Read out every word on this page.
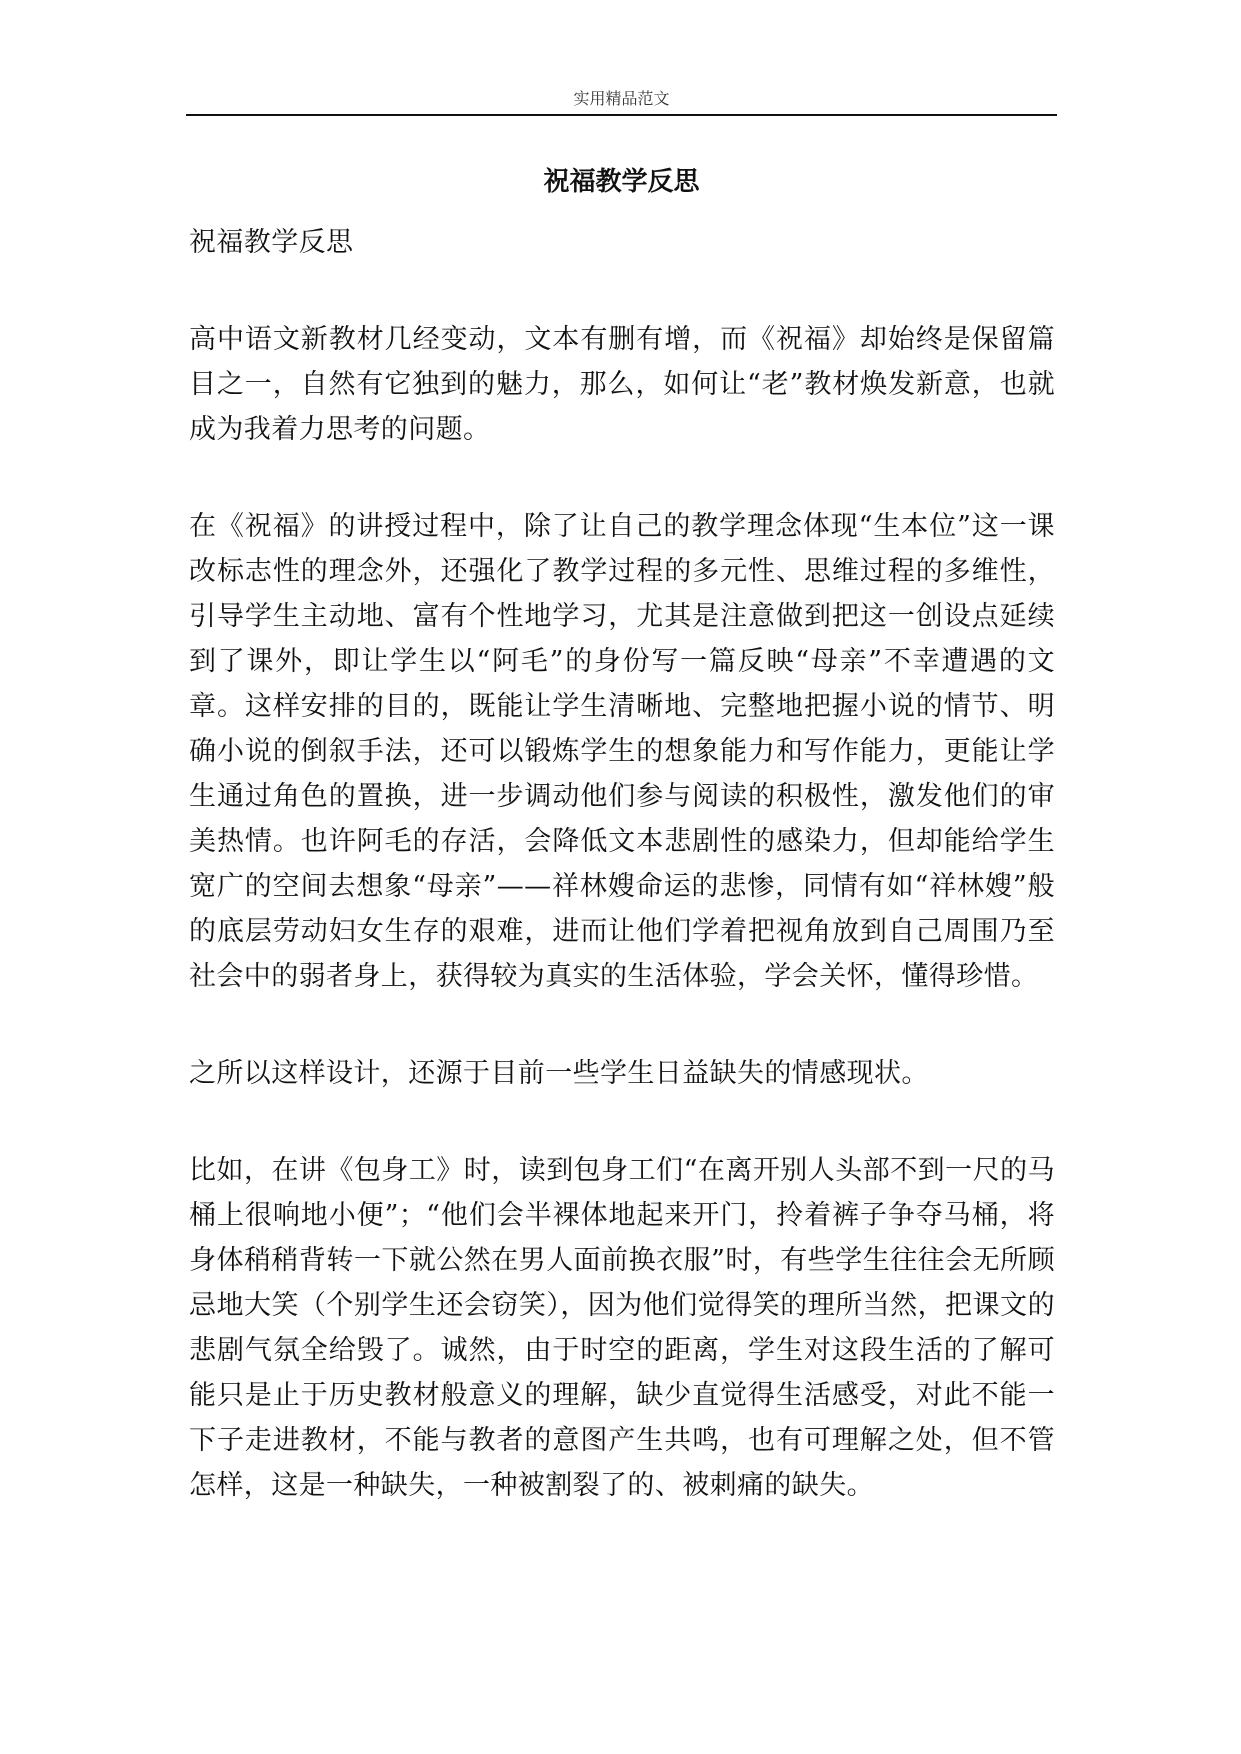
实用精品范文
祝福教学反思

祝福教学反思

高中语文新教材几经变动，文本有删有增，而《祝福》却始终是保留篇目之一，自然有它独到的魅力，那么，如何让“老”教材焕发新意，也就成为我着力思考的问题。

在《祝福》的讲授过程中，除了让自己的教学理念体现“生本位”这一课改标志性的理念外，还强化了教学过程的多元性、思维过程的多维性，引导学生主动地、富有个性地学习，尤其是注意做到把这一创设点延续到了课外，即让学生以“阿毛”的身份写一篇反映“母亲”不幸遭遇的文章。这样安排的目的，既能让学生清晰地、完整地把握小说的情节、明确小说的倒叙手法，还可以锻炼学生的想象能力和写作能力，更能让学生通过角色的置换，进一步调动他们参与阅读的积极性，激发他们的审美热情。也许阿毛的存活，会降低文本悲剧性的感染力，但却能给学生宽广的空间去想象“母亲”——祥林嫂命运的悲惨，同情有如“祥林嫂”般的底层劳动妇女生存的艰难，进而让他们学着把视角放到自己周围乃至社会中的弱者身上，获得较为真实的生活体验，学会关怀，懂得珍惜。

之所以这样设计，还源于目前一些学生日益缺失的情感现状。

比如，在讲《包身工》时，读到包身工们“在离开别人头部不到一尺的马桶上很响地小便”；“他们会半裸体地起来开门，拎着裤子争夺马桶，将身体稍稍背转一下就公然在男人面前换衣服”时，有些学生往往会无所顾忌地大笑（个别学生还会窃笑），因为他们觉得笑的理所当然，把课文的悲剧气氛全给毁了。诚然，由于时空的距离，学生对这段生活的了解可能只是止于历史教材般意义的理解，缺少直觉得生活感受，对此不能一下子走进教材，不能与教者的意图产生共鸣，也有可理解之处，但不管怎样，这是一种缺失，一种被割裂了的、被刺痛的缺失。
